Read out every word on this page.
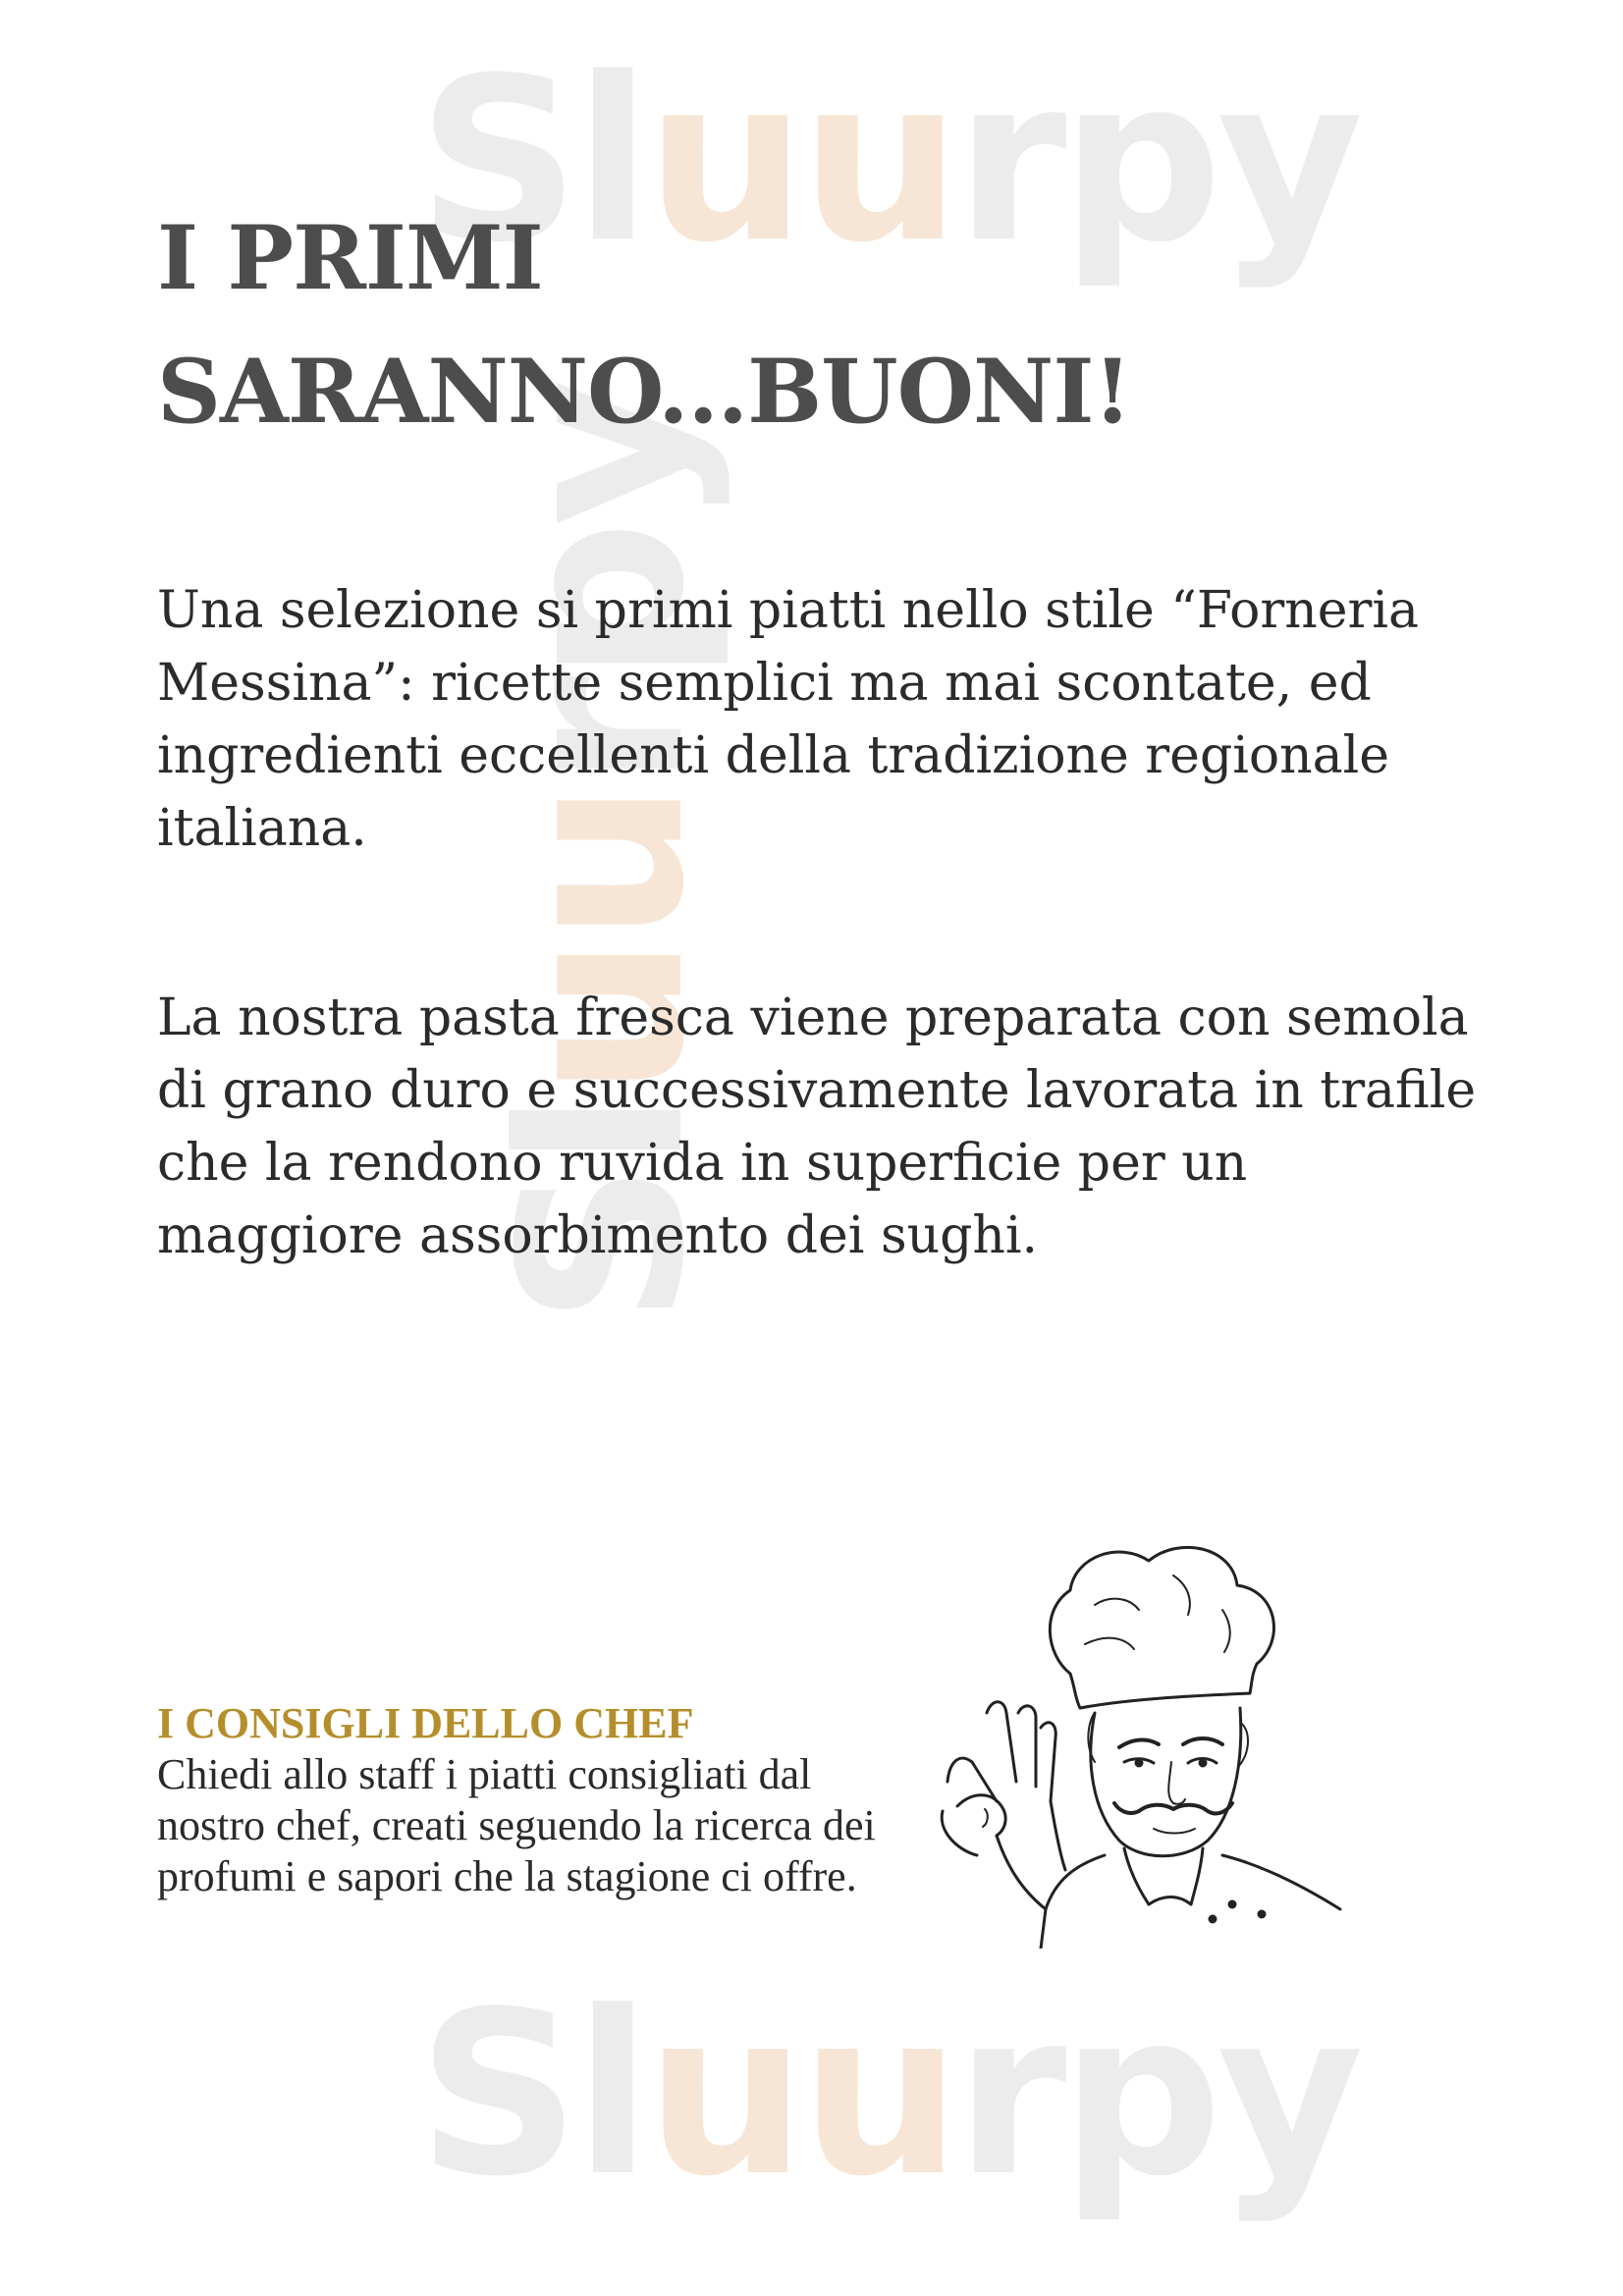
Sluurpy
Sluurpy
Sluurpy
I PRIMI
SARANNO...BUONI!

Una selezione si primi piatti nello stile “Forneria Messina”: ricette semplici ma mai scontate, ed ingredienti eccellenti della tradizione regionale italiana.

La nostra pasta fresca viene preparata con semola di grano duro e successivamente lavorata in trafile che la rendono ruvida in superficie per un maggiore assorbimento dei sughi.

I CONSIGLI DELLO CHEF

Chiedi allo staff i piatti consigliati dal nostro chef, creati seguendo la ricerca dei profumi e sapori che la stagione ci offre.
